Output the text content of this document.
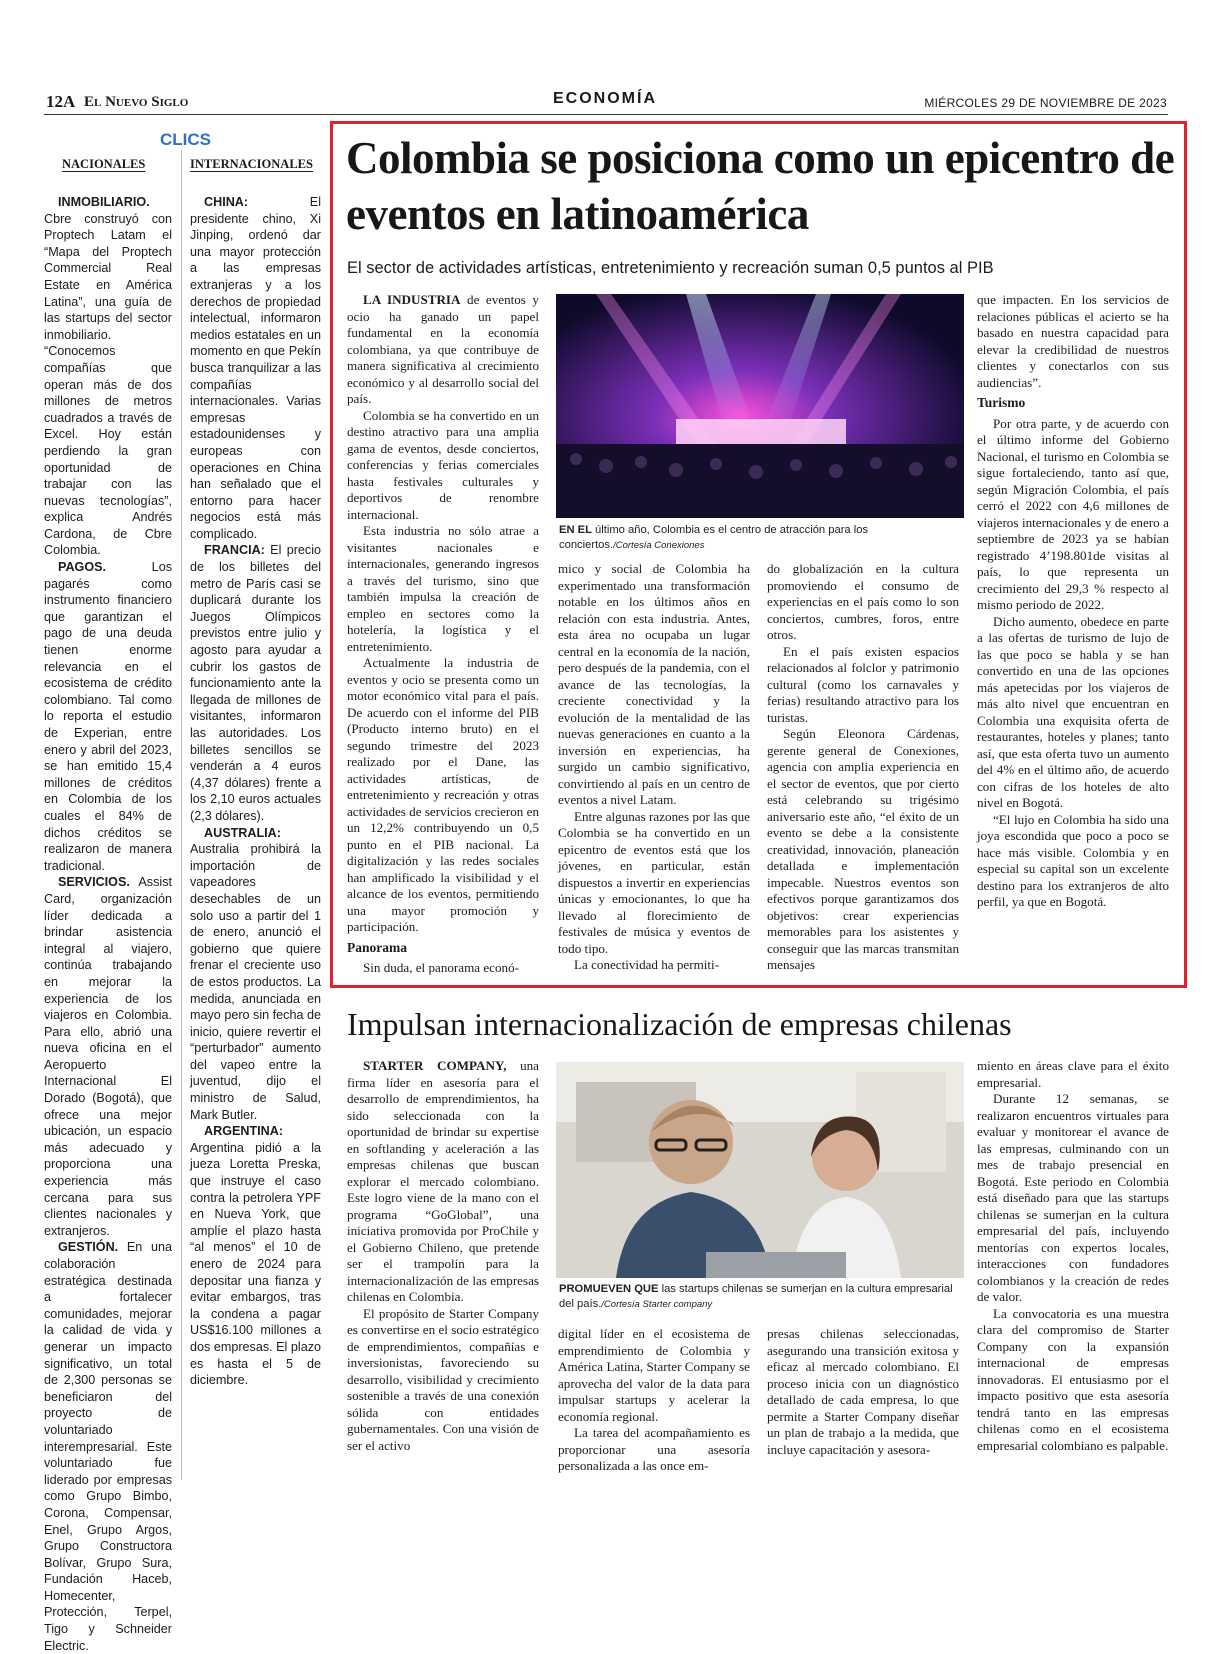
12A El Nuevo Siglo	ECONOMÍA	MIÉRCOLES 29 DE NOVIEMBRE DE 2023
CLICS
NACIONALES	INTERNACIONALES

INMOBILIARIO. Cbre construyó con Proptech Latam el “Mapa del Proptech Commercial Real Estate en América Latina”, una guía de las startups del sector inmobiliario. “Conocemos compañías que operan más de dos millones de metros cuadrados a través de Excel. Hoy están perdiendo la gran oportunidad de trabajar con las nuevas tecnologías”, explica Andrés Cardona, de Cbre Colombia.

PAGOS. Los pagarés como instrumento financiero que garantizan el pago de una deuda tienen enorme relevancia en el ecosistema de crédito colombiano. Tal como lo reporta el estudio de Experian, entre enero y abril del 2023, se han emitido 15,4 millones de créditos en Colombia de los cuales el 84% de dichos créditos se realizaron de manera tradicional.

SERVICIOS. Assist Card, organización líder dedicada a brindar asistencia integral al viajero, continúa trabajando en mejorar la experiencia de los viajeros en Colombia. Para ello, abrió una nueva oficina en el Aeropuerto Internacional El Dorado (Bogotá), que ofrece una mejor ubicación, un espacio más adecuado y proporciona una experiencia más cercana para sus clientes nacionales y extranjeros.

GESTIÓN. En una colaboración estratégica destinada a fortalecer comunidades, mejorar la calidad de vida y generar un impacto significativo, un total de 2,300 personas se beneficiaron del proyecto de voluntariado interempresarial. Este voluntariado fue liderado por empresas como Grupo Bimbo, Corona, Compensar, Enel, Grupo Argos, Grupo Constructora Bolívar, Grupo Sura, Fundación Haceb, Homecenter, Protección, Terpel, Tigo y Schneider Electric.

CHINA: El presidente chino, Xi Jinping, ordenó dar una mayor protección a las empresas extranjeras y a los derechos de propiedad intelectual, informaron medios estatales en un momento en que Pekín busca tranquilizar a las compañías internacionales. Varias empresas estadounidenses y europeas con operaciones en China han señalado que el entorno para hacer negocios está más complicado.

FRANCIA: El precio de los billetes del metro de París casi se duplicará durante los Juegos Olímpicos previstos entre julio y agosto para ayudar a cubrir los gastos de funcionamiento ante la llegada de millones de visitantes, informaron las autoridades. Los billetes sencillos se venderán a 4 euros (4,37 dólares) frente a los 2,10 euros actuales (2,3 dólares).

AUSTRALIA: Australia prohibirá la importación de vapeadores desechables de un solo uso a partir del 1 de enero, anunció el gobierno que quiere frenar el creciente uso de estos productos. La medida, anunciada en mayo pero sin fecha de inicio, quiere revertir el “perturbador” aumento del vapeo entre la juventud, dijo el ministro de Salud, Mark Butler.

ARGENTINA: Argentina pidió a la jueza Loretta Preska, que instruye el caso contra la petrolera YPF en Nueva York, que amplíe el plazo hasta “al menos” el 10 de enero de 2024 para depositar una fianza y evitar embargos, tras la condena a pagar US$16.100 millones a dos empresas. El plazo es hasta el 5 de diciembre.

Colombia se posiciona como un epicentro de eventos en latinoamérica
El sector de actividades artísticas, entretenimiento y recreación suman 0,5 puntos al PIB

LA INDUSTRIA de eventos y ocio ha ganado un papel fundamental en la economía colombiana, ya que contribuye de manera significativa al crecimiento económico y al desarrollo social del país.

Colombia se ha convertido en un destino atractivo para una amplia gama de eventos, desde conciertos, conferencias y ferias comerciales hasta festivales culturales y deportivos de renombre internacional.

Esta industria no sólo atrae a visitantes nacionales e internacionales, generando ingresos a través del turismo, sino que también impulsa la creación de empleo en sectores como la hotelería, la logística y el entretenimiento.

Actualmente la industria de eventos y ocio se presenta como un motor económico vital para el país. De acuerdo con el informe del PIB (Producto interno bruto) en el segundo trimestre del 2023 realizado por el Dane, las actividades artísticas, de entretenimiento y recreación y otras actividades de servicios crecieron en un 12,2% contribuyendo un 0,5 punto en el PIB nacional. La digitalización y las redes sociales han amplificado la visibilidad y el alcance de los eventos, permitiendo una mayor promoción y participación.

Panorama

Sin duda, el panorama econó-

EN EL último año, Colombia es el centro de atracción para los conciertos./Cortesía Conexiones

mico y social de Colombia ha experimentado una transformación notable en los últimos años en relación con esta industria. Antes, esta área no ocupaba un lugar central en la economía de la nación, pero después de la pandemia, con el avance de las tecnologías, la creciente conectividad y la evolución de la mentalidad de las nuevas generaciones en cuanto a la inversión en experiencias, ha surgido un cambio significativo, convirtiendo al país en un centro de eventos a nivel Latam.

Entre algunas razones por las que Colombia se ha convertido en un epicentro de eventos está que los jóvenes, en particular, están dispuestos a invertir en experiencias únicas y emocionantes, lo que ha llevado al florecimiento de festivales de música y eventos de todo tipo.

La conectividad ha permiti-

do globalización en la cultura promoviendo el consumo de experiencias en el país como lo son conciertos, cumbres, foros, entre otros.

En el país existen espacios relacionados al folclor y patrimonio cultural (como los carnavales y ferias) resultando atractivo para los turistas.

Según Eleonora Cárdenas, gerente general de Conexiones, agencia con amplia experiencia en el sector de eventos, que por cierto está celebrando su trigésimo aniversario este año, “el éxito de un evento se debe a la consistente creatividad, innovación, planeación detallada e implementación impecable. Nuestros eventos son efectivos porque garantizamos dos objetivos: crear experiencias memorables para los asistentes y conseguir que las marcas transmitan mensajes

que impacten. En los servicios de relaciones públicas el acierto se ha basado en nuestra capacidad para elevar la credibilidad de nuestros clientes y conectarlos con sus audiencias”.

Turismo

Por otra parte, y de acuerdo con el último informe del Gobierno Nacional, el turismo en Colombia se sigue fortaleciendo, tanto así que, según Migración Colombia, el país cerró el 2022 con 4,6 millones de viajeros internacionales y de enero a septiembre de 2023 ya se habían registrado 4’198.801de visitas al país, lo que representa un crecimiento del 29,3 % respecto al mismo periodo de 2022.

Dicho aumento, obedece en parte a las ofertas de turismo de lujo de las que poco se habla y se han convertido en una de las opciones más apetecidas por los viajeros de más alto nivel que encuentran en Colombia una exquisita oferta de restaurantes, hoteles y planes; tanto así, que esta oferta tuvo un aumento del 4% en el último año, de acuerdo con cifras de los hoteles de alto nivel en Bogotá.

“El lujo en Colombia ha sido una joya escondida que poco a poco se hace más visible. Colombia y en especial su capital son un excelente destino para los extranjeros de alto perfil, ya que en Bogotá.

Impulsan internacionalización de empresas chilenas

STARTER COMPANY, una firma líder en asesoría para el desarrollo de emprendimientos, ha sido seleccionada con la oportunidad de brindar su expertise en softlanding y aceleración a las empresas chilenas que buscan explorar el mercado colombiano. Este logro viene de la mano con el programa “GoGlobal”, una iniciativa promovida por ProChile y el Gobierno Chileno, que pretende ser el trampolín para la internacionalización de las empresas chilenas en Colombia.

El propósito de Starter Company es convertirse en el socio estratégico de emprendimientos, compañías e inversionistas, favoreciendo su desarrollo, visibilidad y crecimiento sostenible a través de una conexión sólida con entidades gubernamentales. Con una visión de ser el activo

PROMUEVEN QUE las startups chilenas se sumerjan en la cultura empresarial del país./Cortesía Starter company

digital líder en el ecosistema de emprendimiento de Colombia y América Latina, Starter Company se aprovecha del valor de la data para impulsar startups y acelerar la economía regional.

La tarea del acompañamiento es proporcionar una asesoría personalizada a las once em-

presas chilenas seleccionadas, asegurando una transición exitosa y eficaz al mercado colombiano. El proceso inicia con un diagnóstico detallado de cada empresa, lo que permite a Starter Company diseñar un plan de trabajo a la medida, que incluye capacitación y asesora-

miento en áreas clave para el éxito empresarial.

Durante 12 semanas, se realizaron encuentros virtuales para evaluar y monitorear el avance de las empresas, culminando con un mes de trabajo presencial en Bogotá. Este periodo en Colombia está diseñado para que las startups chilenas se sumerjan en la cultura empresarial del país, incluyendo mentorías con expertos locales, interacciones con fundadores colombianos y la creación de redes de valor.

La convocatoria es una muestra clara del compromiso de Starter Company con la expansión internacional de empresas innovadoras. El entusiasmo por el impacto positivo que esta asesoría tendrá tanto en las empresas chilenas como en el ecosistema empresarial colombiano es palpable.
